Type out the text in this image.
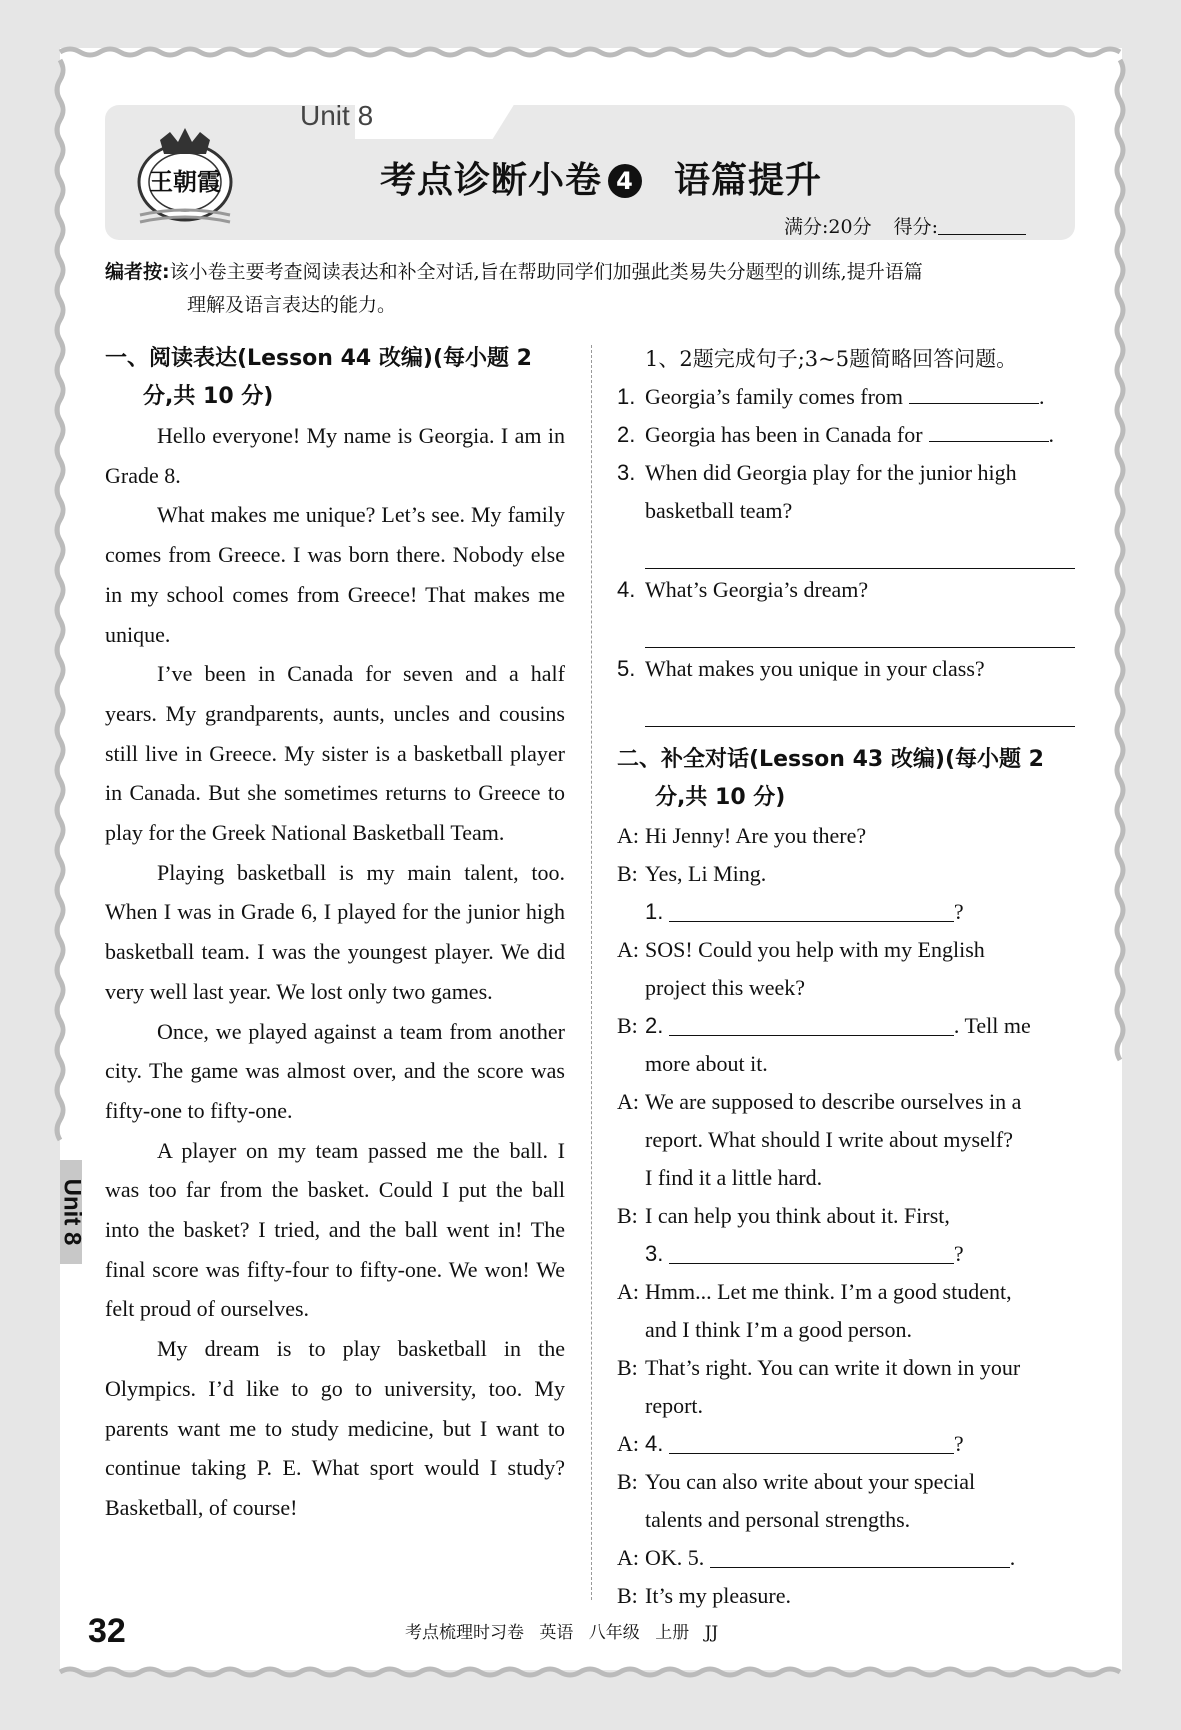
王朝霞
Unit 8
考点诊断小卷 4 语篇提升
满分:20分 得分:
编者按:该小卷主要考查阅读表达和补全对话,旨在帮助同学们加强此类易失分题型的训练,提升语篇
理解及语言表达的能力。
一、阅读表达(Lesson 44 改编)(每小题 2
分,共 10 分)

Hello everyone! My name is Georgia. I am in Grade 8.

What makes me unique? Let’s see. My family comes from Greece. I was born there. Nobody else in my school comes from Greece! That makes me unique.

I’ve been in Canada for seven and a half years. My grandparents, aunts, uncles and cousins still live in Greece. My sister is a basketball player in Canada. But she sometimes returns to Greece to play for the Greek National Basketball Team.

Playing basketball is my main talent, too. When I was in Grade 6, I played for the junior high basketball team. I was the youngest player. We did very well last year. We lost only two games.

Once, we played against a team from another city. The game was almost over, and the score was fifty-one to fifty-one.

A player on my team passed me the ball. I was too far from the basket. Could I put the ball into the basket? I tried, and the ball went in! The final score was fifty-four to fifty-one. We won! We felt proud of ourselves.

My dream is to play basketball in the Olympics. I’d like to go to university, too. My parents want me to study medicine, but I want to continue taking P. E. What sport would I study? Basketball, of course!

1、2题完成句子;3~5题简略回答问题。
1. Georgia’s family comes from	.
2. Georgia has been in Canada for	.
3. When did Georgia play for the junior high
basketball team?
4. What’s Georgia’s dream?
5. What makes you unique in your class?
二、补全对话(Lesson 43 改编)(每小题 2
分,共 10 分)
A: Hi Jenny! Are you there?
B: Yes, Li Ming.
1.	?
A: SOS! Could you help with my English
project this week?
B: 2.	. Tell me
more about it.
A: We are supposed to describe ourselves in a
report. What should I write about myself?
I find it a little hard.
B: I can help you think about it. First,
3.	?
A: Hmm... Let me think. I’m a good student,
and I think I’m a good person.
B: That’s right. You can write it down in your
report.
A: 4.	?
B: You can also write about your special
talents and personal strengths.
A: OK. 5.	.
B: It’s my pleasure.
Unit 8
32	考点梳理时习卷 英语 八年级 上册 JJ
